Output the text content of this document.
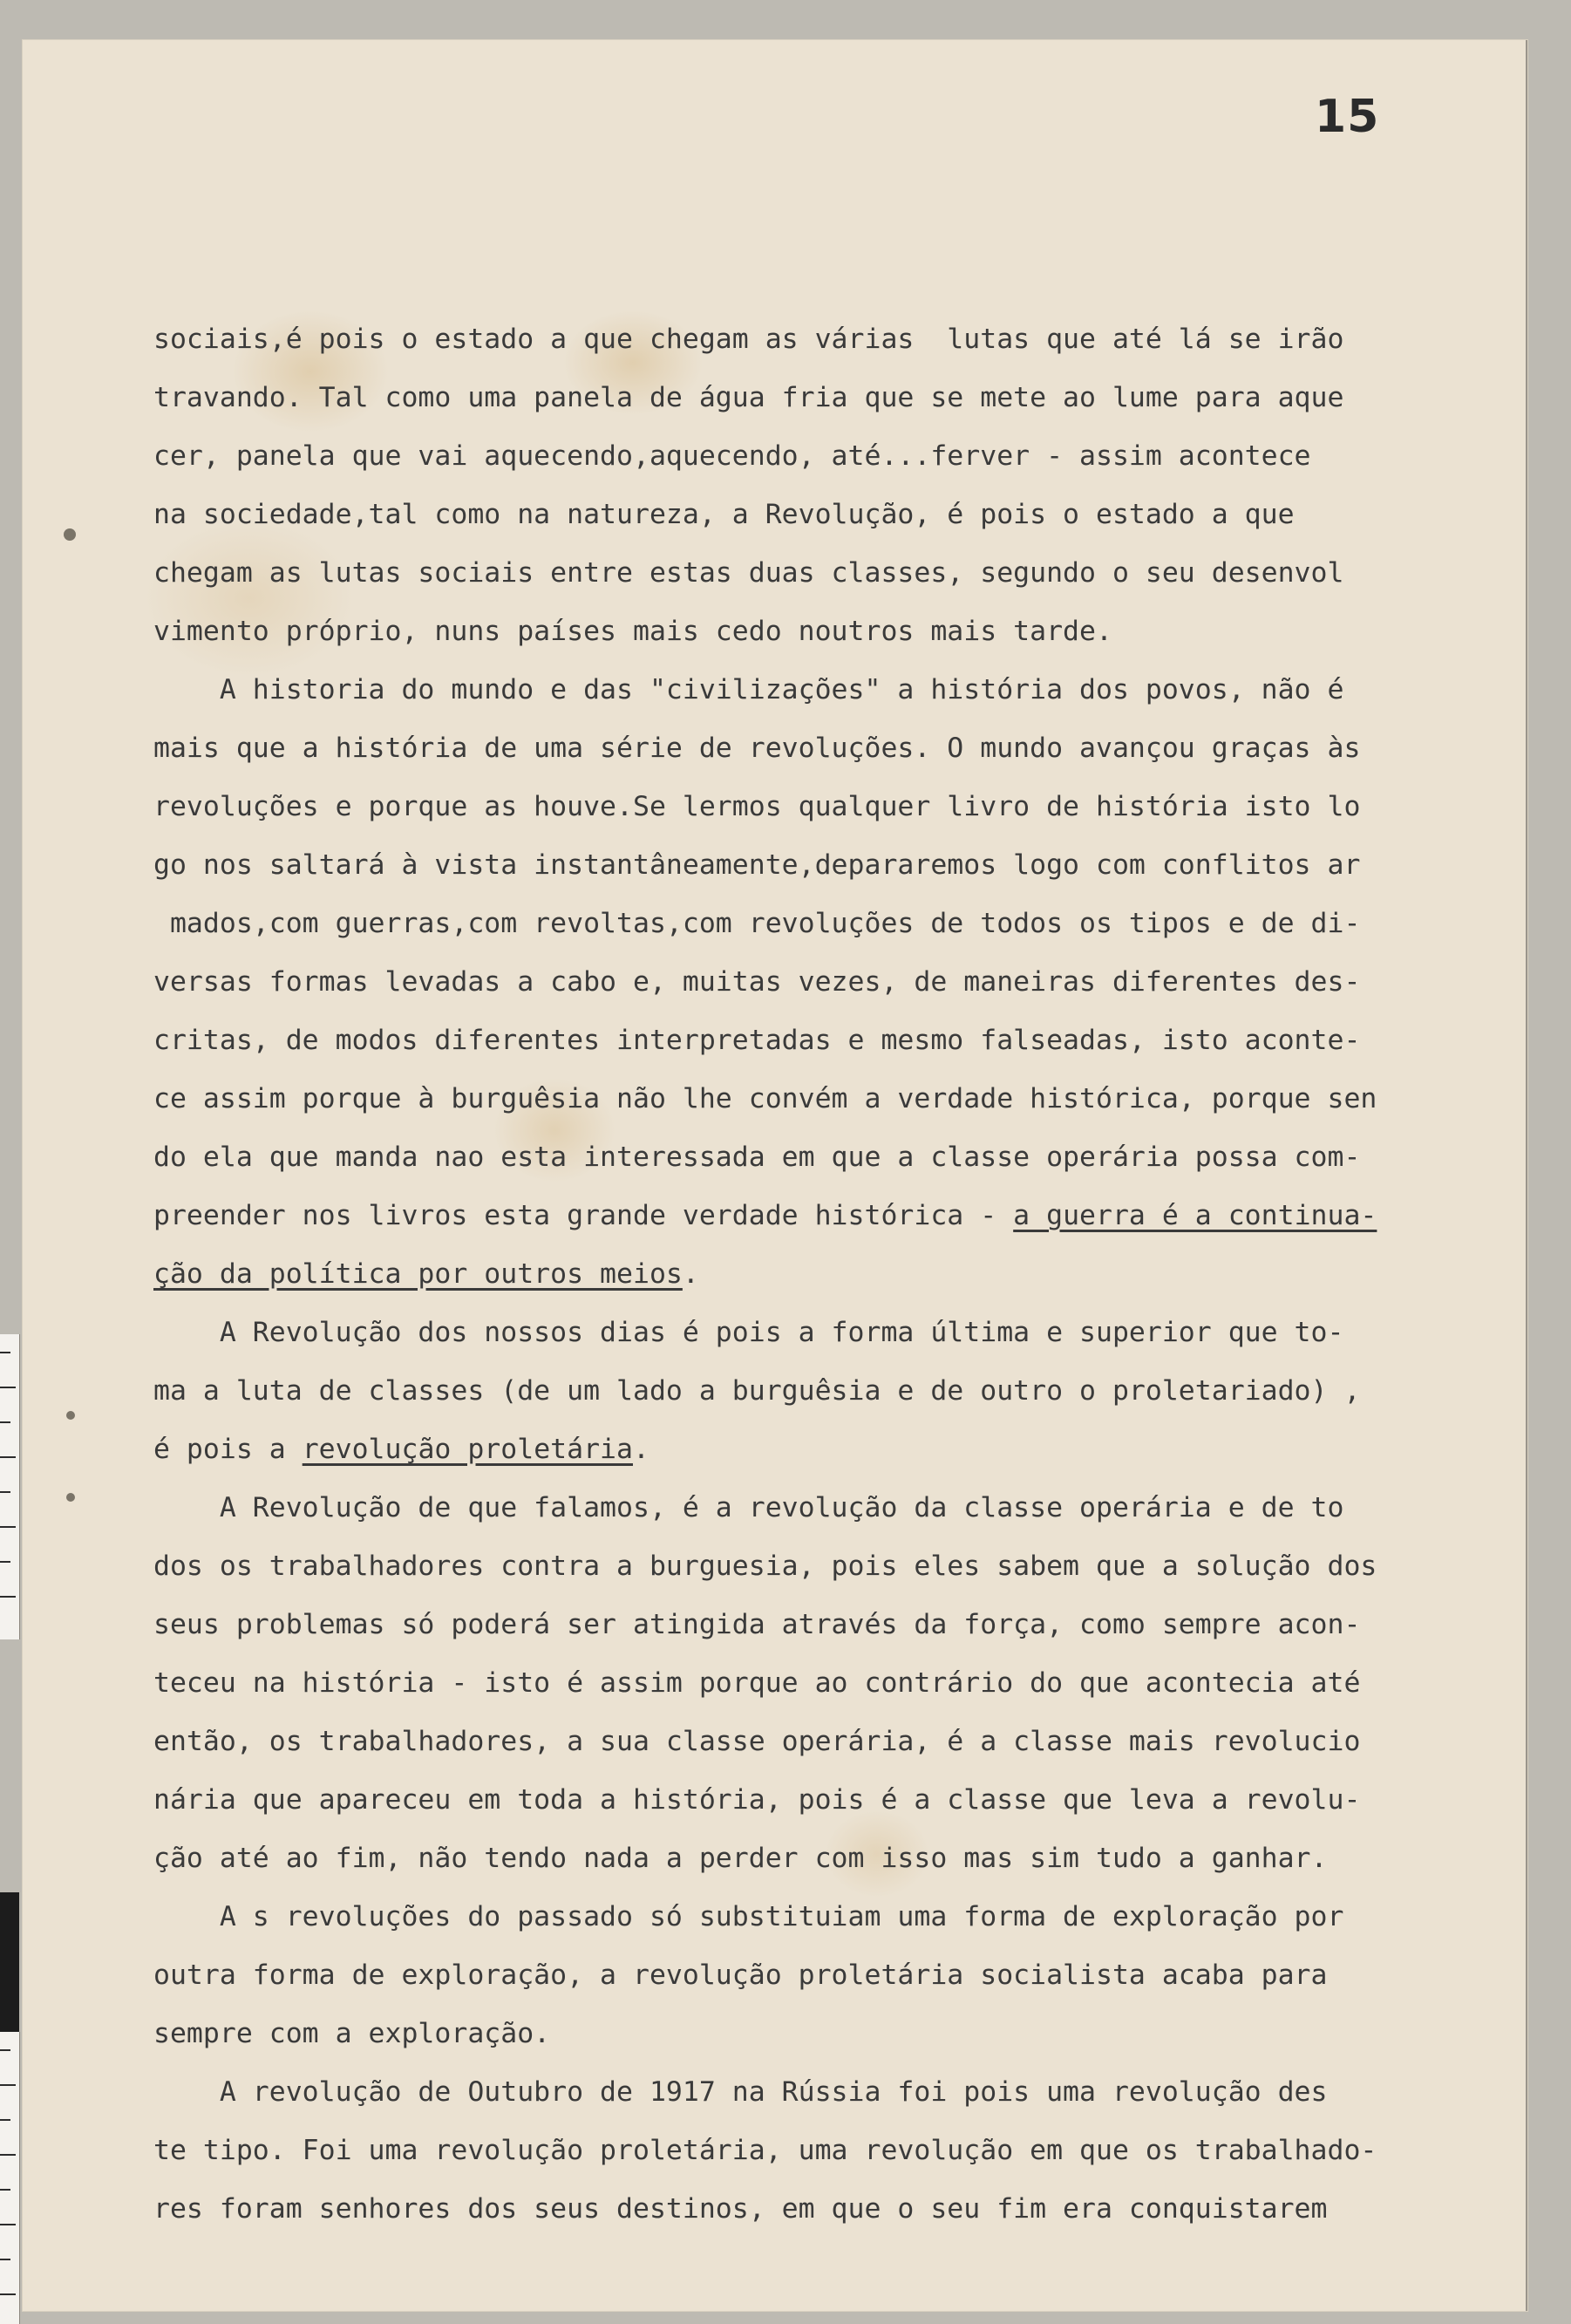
15
sociais,é pois o estado a que chegam as várias  lutas que até lá se irão
travando. Tal como uma panela de água fria que se mete ao lume para aque
cer, panela que vai aquecendo,aquecendo, até...ferver - assim acontece
na sociedade,tal como na natureza, a Revolução, é pois o estado a que
chegam as lutas sociais entre estas duas classes, segundo o seu desenvol
vimento próprio, nuns países mais cedo noutros mais tarde.
A historia do mundo e das "civilizações" a história dos povos, não é
mais que a história de uma série de revoluções. O mundo avançou graças às
revoluções e porque as houve.Se lermos qualquer livro de história isto lo
go nos saltará à vista instantâneamente,depararemos logo com conflitos ar
mados,com guerras,com revoltas,com revoluções de todos os tipos e de di-
versas formas levadas a cabo e, muitas vezes, de maneiras diferentes des-
critas, de modos diferentes interpretadas e mesmo falseadas, isto aconte-
ce assim porque à burguêsia não lhe convém a verdade histórica, porque sen
do ela que manda nao esta interessada em que a classe operária possa com-
preender nos livros esta grande verdade histórica - a guerra é a continua-
ção da política por outros meios.
A Revolução dos nossos dias é pois a forma última e superior que to-
ma a luta de classes (de um lado a burguêsia e de outro o proletariado) ,
é pois a revolução proletária.
A Revolução de que falamos, é a revolução da classe operária e de to
dos os trabalhadores contra a burguesia, pois eles sabem que a solução dos
seus problemas só poderá ser atingida através da força, como sempre acon-
teceu na história - isto é assim porque ao contrário do que acontecia até
então, os trabalhadores, a sua classe operária, é a classe mais revolucio
nária que apareceu em toda a história, pois é a classe que leva a revolu-
ção até ao fim, não tendo nada a perder com isso mas sim tudo a ganhar.
A s revoluções do passado só substituiam uma forma de exploração por
outra forma de exploração, a revolução proletária socialista acaba para
sempre com a exploração.
A revolução de Outubro de 1917 na Rússia foi pois uma revolução des
te tipo. Foi uma revolução proletária, uma revolução em que os trabalhado-
res foram senhores dos seus destinos, em que o seu fim era conquistarem
